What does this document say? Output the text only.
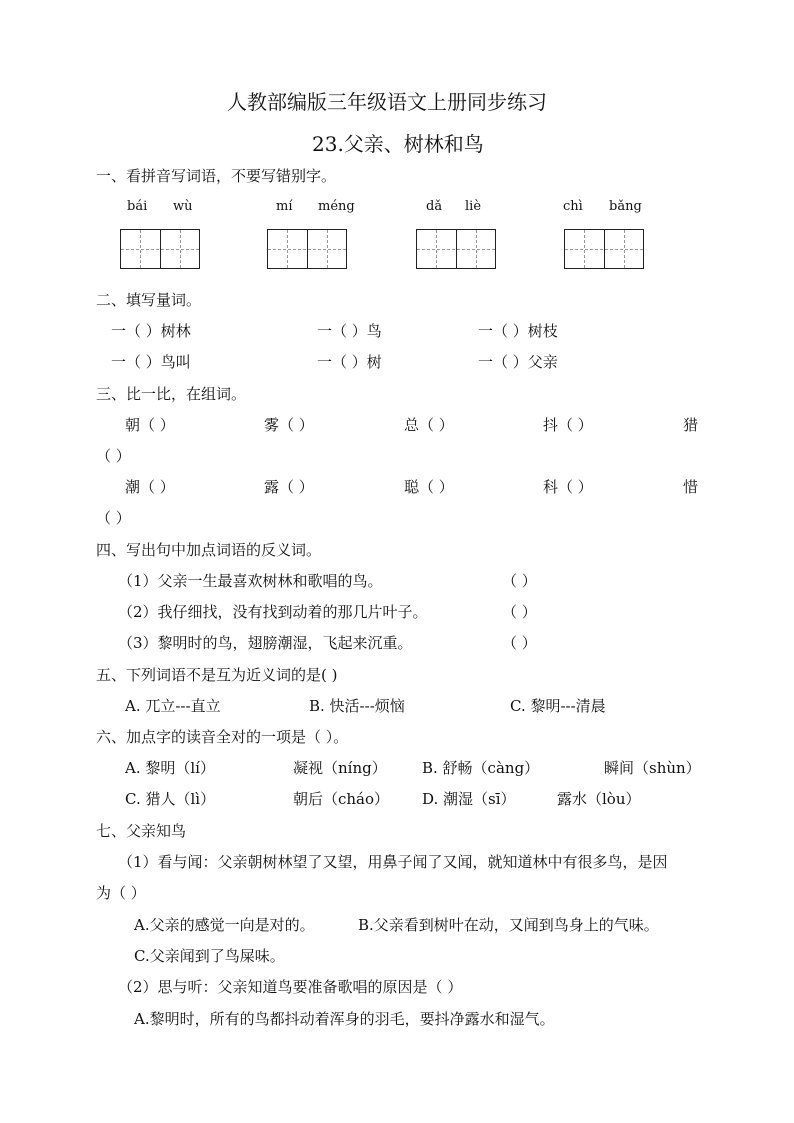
人教部编版三年级语文上册同步练习
23.父亲、树林和鸟
一、看拼音写词语，不要写错别字。
bái wù	mí méng	dǎ liè	chì bǎng
二、填写量词。
一（ ）树林	一（ ）鸟	一（ ）树枝
一（ ）鸟叫	一（ ）树	一（ ）父亲
三、比一比，在组词。
朝（ ）	雾（ ）	总（ ）	抖（ ）	猎
（ ）
潮（ ）	露（ ）	聪（ ）	科（ ）	惜
（ ）
四、写出句中加点词语的反义词。
（1）父亲一生最喜欢树林和歌唱的鸟。	（ ）
（2）我仔细找，没有找到动着的那几片叶子。	（ ）
（3）黎明时的鸟，翅膀潮湿，飞起来沉重。	（ ）
五、下列词语不是互为近义词的是( )
A. 兀立---直立	B. 快活---烦恼	C. 黎明---清晨
六、加点字的读音全对的一项是（ ）。
A. 黎明（lí）	凝视（níng） B. 舒畅（càng）	瞬间（shùn）
C. 猎人（lì）	朝后（cháo） D. 潮湿（sī）	露水（lòu）
七、父亲知鸟
（1）看与闻：父亲朝树林望了又望，用鼻子闻了又闻，就知道林中有很多鸟，是因
为（ ）
A.父亲的感觉一向是对的。	B.父亲看到树叶在动，又闻到鸟身上的气味。
C.父亲闻到了鸟屎味。
（2）思与听：父亲知道鸟要准备歌唱的原因是（ ）
A.黎明时，所有的鸟都抖动着浑身的羽毛，要抖净露水和湿气。
